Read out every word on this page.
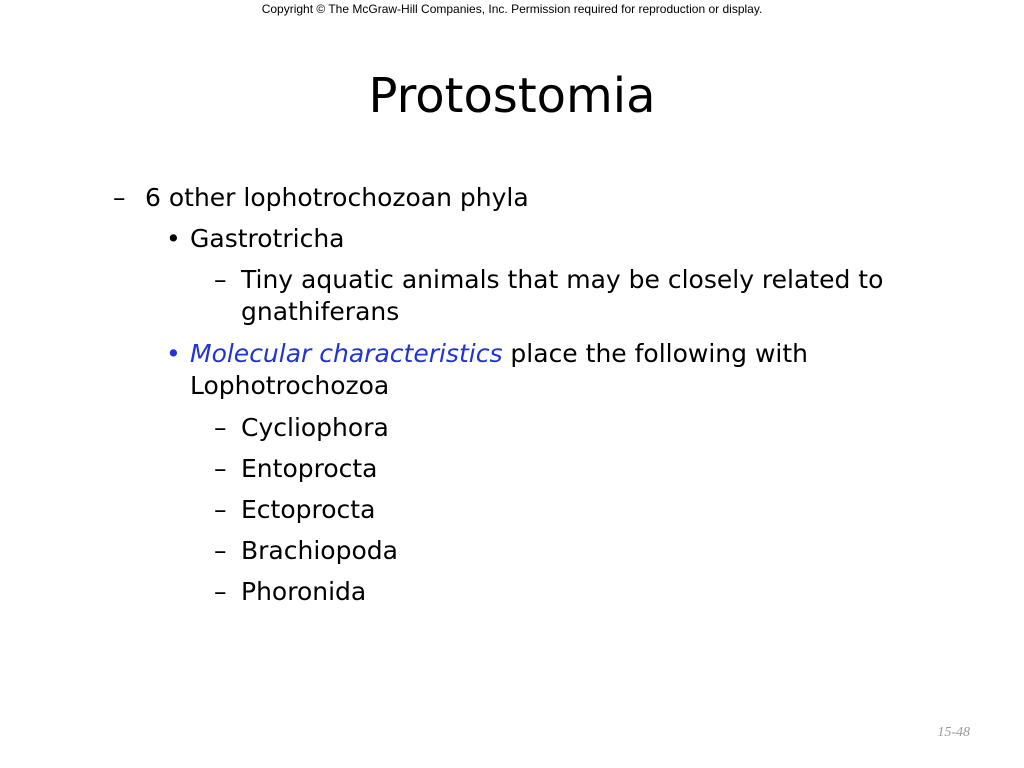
Copyright © The McGraw-Hill Companies, Inc. Permission required for reproduction or display.
Protostomia
– 6 other lophotrochozoan phyla
• Gastrotricha
– Tiny aquatic animals that may be closely related to
gnathiferans
• Molecular characteristics place the following with
Lophotrochozoa
– Cycliophora
– Entoprocta
– Ectoprocta
– Brachiopoda
– Phoronida
15-48
